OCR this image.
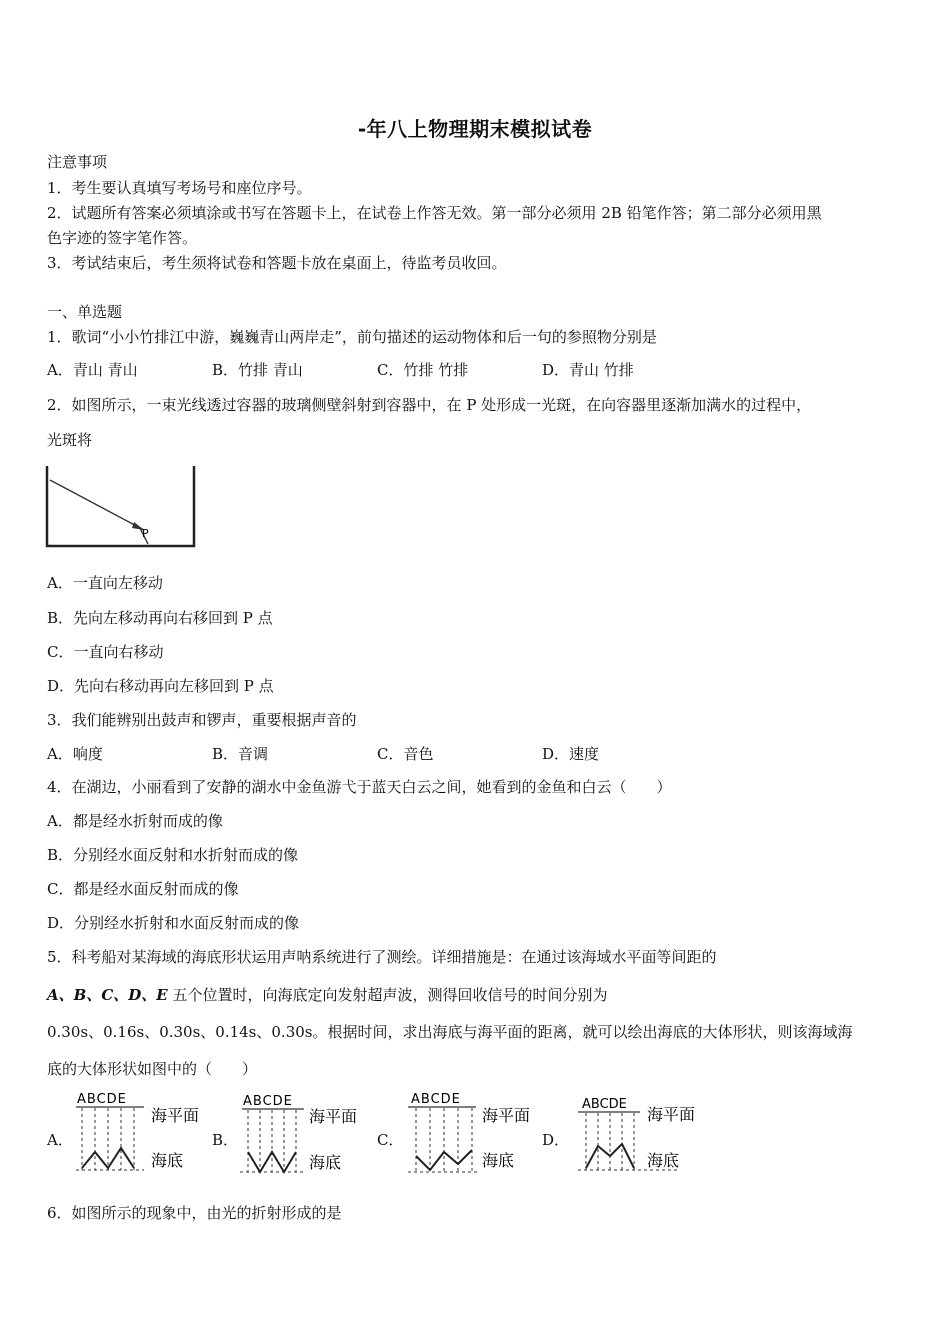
-年八上物理期末模拟试卷
注意事项
1．考生要认真填写考场号和座位序号。
2．试题所有答案必须填涂或书写在答题卡上，在试卷上作答无效。第一部分必须用 2B 铅笔作答；第二部分必须用黑
色字迹的签字笔作答。
3．考试结束后，考生须将试卷和答题卡放在桌面上，待监考员收回。
一、单选题
1．歌词“小小竹排江中游，巍巍青山两岸走”，前句描述的运动物体和后一句的参照物分别是
A．青山 青山	B．竹排 青山	C．竹排 竹排	D．青山 竹排
2．如图所示，一束光线透过容器的玻璃侧壁斜射到容器中，在 P 处形成一光斑，在向容器里逐渐加满水的过程中，
光斑将
P
A．一直向左移动
B．先向左移动再向右移回到 P 点
C．一直向右移动
D．先向右移动再向左移回到 P 点
3．我们能辨别出鼓声和锣声，重要根据声音的
A．响度	B．音调	C．音色	D．速度
4．在湖边，小丽看到了安静的湖水中金鱼游弋于蓝天白云之间，她看到的金鱼和白云（　　）
A．都是经水折射而成的像
B．分别经水面反射和水折射而成的像
C．都是经水面反射而成的像
D．分别经水折射和水面反射而成的像
5．科考船对某海域的海底形状运用声呐系统进行了测绘。详细措施是：在通过该海域水平面等间距的
A、B、C、D、E 五个位置时，向海底定向发射超声波，测得回收信号的时间分别为
0.30s、0.16s、0.30s、0.14s、0.30s。根据时间，求出海底与海平面的距离，就可以绘出海底的大体形状，则该海域海
底的大体形状如图中的（　　）
A．
ABCDE
海平面
海底
B．
ABCDE
海平面
海底
C．
ABCDE
海平面
海底
D．
ABCDE
海平面
海底
6．如图所示的现象中，由光的折射形成的是
